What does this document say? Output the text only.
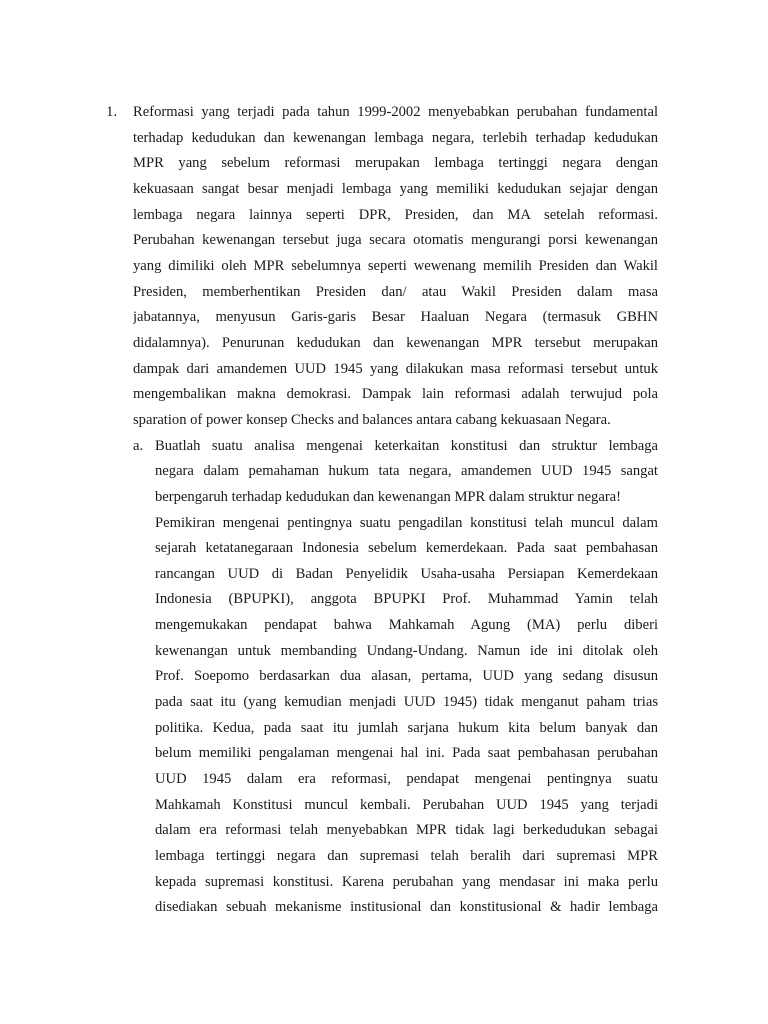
1. Reformasi yang terjadi pada tahun 1999-2002 menyebabkan perubahan fundamental
terhadap kedudukan dan kewenangan lembaga negara, terlebih terhadap kedudukan
MPR yang sebelum reformasi merupakan lembaga tertinggi negara dengan
kekuasaan sangat besar menjadi lembaga yang memiliki kedudukan sejajar dengan
lembaga negara lainnya seperti DPR, Presiden, dan MA setelah reformasi.
Perubahan kewenangan tersebut juga secara otomatis mengurangi porsi kewenangan
yang dimiliki oleh MPR sebelumnya seperti wewenang memilih Presiden dan Wakil
Presiden, memberhentikan Presiden dan/ atau Wakil Presiden dalam masa
jabatannya, menyusun Garis-garis Besar Haaluan Negara (termasuk GBHN
didalamnya). Penurunan kedudukan dan kewenangan MPR tersebut merupakan
dampak dari amandemen UUD 1945 yang dilakukan masa reformasi tersebut untuk
mengembalikan makna demokrasi. Dampak lain reformasi adalah terwujud pola
sparation of power konsep Checks and balances antara cabang kekuasaan Negara.
a. Buatlah suatu analisa mengenai keterkaitan konstitusi dan struktur lembaga
negara dalam pemahaman hukum tata negara, amandemen UUD 1945 sangat
berpengaruh terhadap kedudukan dan kewenangan MPR dalam struktur negara!
Pemikiran mengenai pentingnya suatu pengadilan konstitusi telah muncul dalam
sejarah ketatanegaraan Indonesia sebelum kemerdekaan. Pada saat pembahasan
rancangan UUD di Badan Penyelidik Usaha-usaha Persiapan Kemerdekaan
Indonesia (BPUPKI), anggota BPUPKI Prof. Muhammad Yamin telah
mengemukakan pendapat bahwa Mahkamah Agung (MA) perlu diberi
kewenangan untuk membanding Undang-Undang. Namun ide ini ditolak oleh
Prof. Soepomo berdasarkan dua alasan, pertama, UUD yang sedang disusun
pada saat itu (yang kemudian menjadi UUD 1945) tidak menganut paham trias
politika. Kedua, pada saat itu jumlah sarjana hukum kita belum banyak dan
belum memiliki pengalaman mengenai hal ini. Pada saat pembahasan perubahan
UUD 1945 dalam era reformasi, pendapat mengenai pentingnya suatu
Mahkamah Konstitusi muncul kembali. Perubahan UUD 1945 yang terjadi
dalam era reformasi telah menyebabkan MPR tidak lagi berkedudukan sebagai
lembaga tertinggi negara dan supremasi telah beralih dari supremasi MPR
kepada supremasi konstitusi. Karena perubahan yang mendasar ini maka perlu
disediakan sebuah mekanisme institusional dan konstitusional & hadir lembaga
